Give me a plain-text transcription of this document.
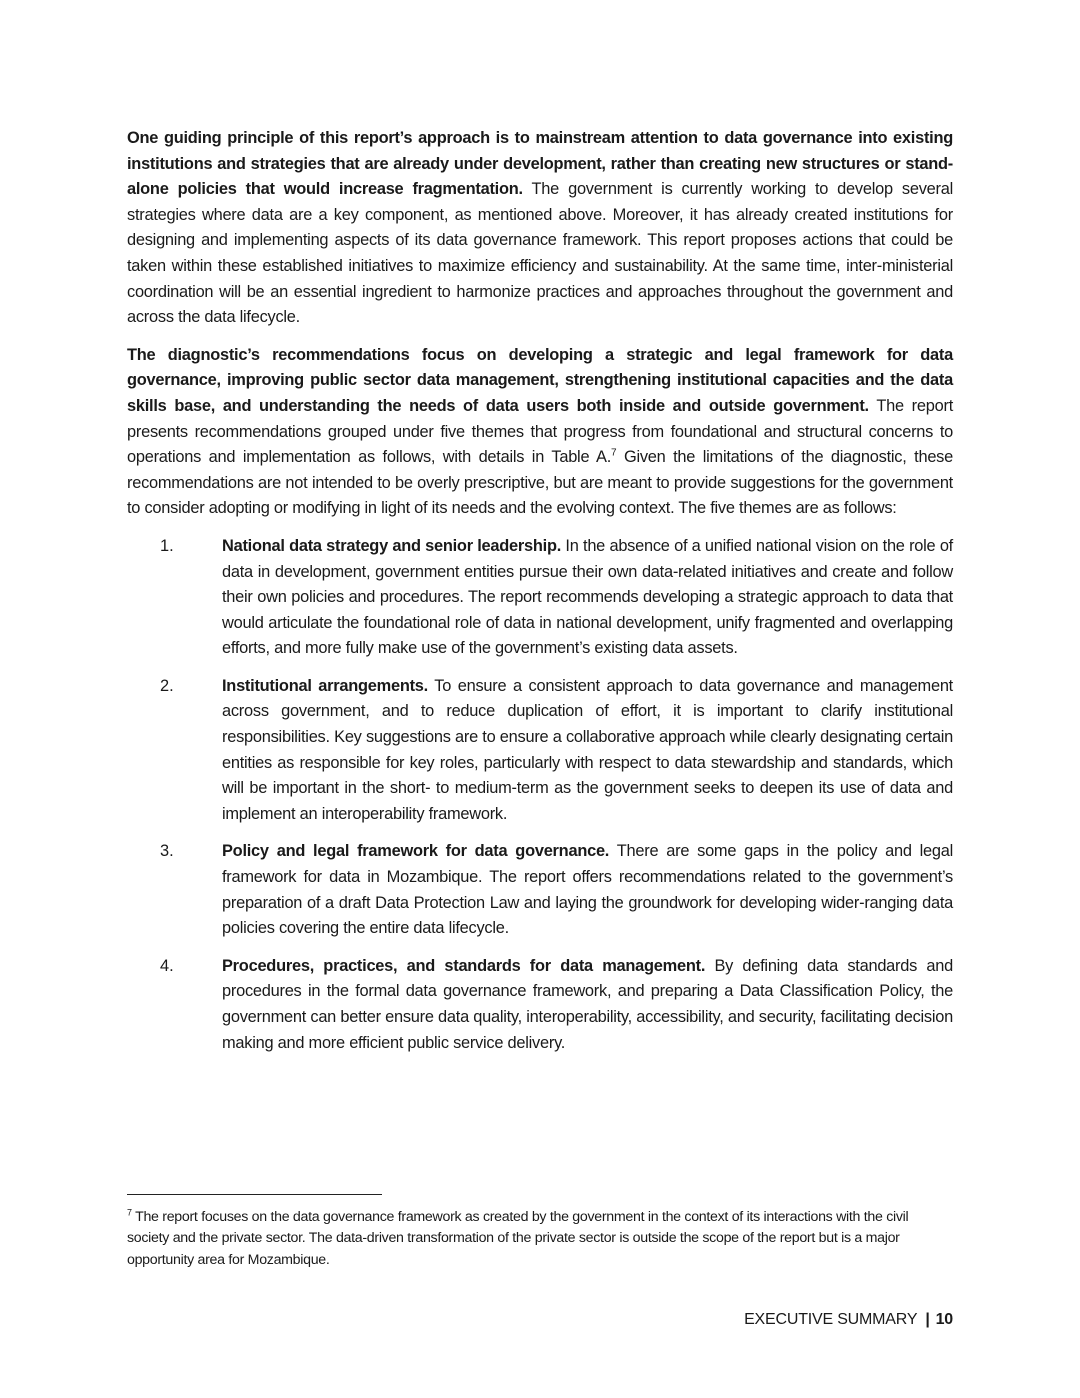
One guiding principle of this report’s approach is to mainstream attention to data governance into existing institutions and strategies that are already under development, rather than creating new structures or stand-alone policies that would increase fragmentation. The government is currently working to develop several strategies where data are a key component, as mentioned above. Moreover, it has already created institutions for designing and implementing aspects of its data governance framework. This report proposes actions that could be taken within these established initiatives to maximize efficiency and sustainability. At the same time, inter-ministerial coordination will be an essential ingredient to harmonize practices and approaches throughout the government and across the data lifecycle.

The diagnostic’s recommendations focus on developing a strategic and legal framework for data governance, improving public sector data management, strengthening institutional capacities and the data skills base, and understanding the needs of data users both inside and outside government. The report presents recommendations grouped under five themes that progress from foundational and structural concerns to operations and implementation as follows, with details in Table A.$^7$ Given the limitations of the diagnostic, these recommendations are not intended to be overly prescriptive, but are meant to provide suggestions for the government to consider adopting or modifying in light of its needs and the evolving context. The five themes are as follows:

1.	National data strategy and senior leadership. In the absence of a unified national vision on the role of data in development, government entities pursue their own data-related initiatives and create and follow their own policies and procedures. The report recommends developing a strategic approach to data that would articulate the foundational role of data in national development, unify fragmented and overlapping efforts, and more fully make use of the government’s existing data assets.
2.	Institutional arrangements. To ensure a consistent approach to data governance and management across government, and to reduce duplication of effort, it is important to clarify institutional responsibilities. Key suggestions are to ensure a collaborative approach while clearly designating certain entities as responsible for key roles, particularly with respect to data stewardship and standards, which will be important in the short- to medium-term as the government seeks to deepen its use of data and implement an interoperability framework.
3.	Policy and legal framework for data governance. There are some gaps in the policy and legal framework for data in Mozambique. The report offers recommendations related to the government’s preparation of a draft Data Protection Law and laying the groundwork for developing wider-ranging data policies covering the entire data lifecycle.
4.	Procedures, practices, and standards for data management. By defining data standards and procedures in the formal data governance framework, and preparing a Data Classification Policy, the government can better ensure data quality, interoperability, accessibility, and security, facilitating decision making and more efficient public service delivery.
$^7$ The report focuses on the data governance framework as created by the government in the context of its interactions with the civil society and the private sector. The data-driven transformation of the private sector is outside the scope of the report but is a major opportunity area for Mozambique.
EXECUTIVE SUMMARY | 10
